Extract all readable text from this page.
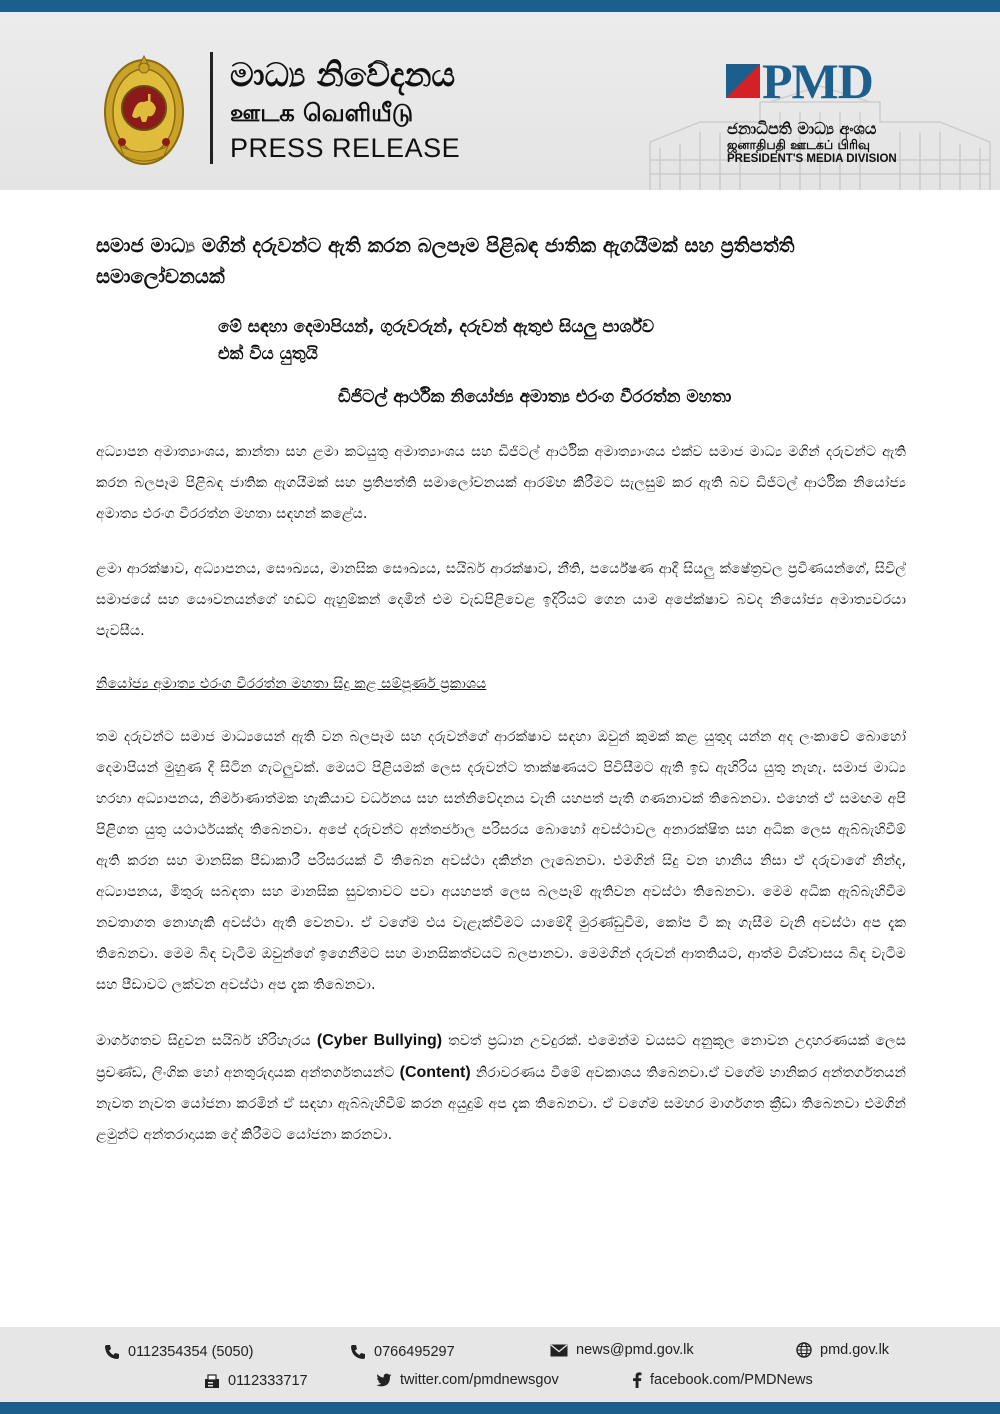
මාධ්‍ය නිවේදනය
ஊடக வெளியீடு
PRESS RELEASE
PMD
ජනාධිපති මාධ්‍ය අංශය
ஜனாதிபதி ஊடகப் பிரிவு
PRESIDENT'S MEDIA DIVISION
සමාජ මාධ්‍ය මගින් දරුවන්ට ඇති කරන බලපෑම පිළිබඳ ජාතික ඇගයීමක් සහ ප්‍රතිපත්ති සමාලෝචනයක්
මේ සඳහා දෙමාපියන්, ගුරුවරුන්, දරුවන් ඇතුළු සියලු පාර්ශ්ව
එක් විය යුතුයි
ඩිජිටල් ආර්ථික නියෝජ්‍ය අමාත්‍ය එරංග වීරරත්න මහතා

අධ්‍යාපන අමාත්‍යාංශය, කාන්තා සහ ළමා කටයුතු අමාත්‍යාංශය සහ ඩිජිටල් ආර්ථික අමාත්‍යාංශය එක්ව සමාජ මාධ්‍ය මගින් දරුවන්ට ඇති කරන බලපෑම පිළිබඳ ජාතික ඇගයීමක් සහ ප්‍රතිපත්ති සමාලෝචනයක් ආරම්භ කිරීමට සැලසුම් කර ඇති බව ඩිජිටල් ආර්ථික නියෝජ්‍ය අමාත්‍ය එරංග වීරරත්න මහතා සඳහන් කළේය.

ළමා ආරක්ෂාව, අධ්‍යාපනය, සෞඛ්‍යය, මානසික සෞඛ්‍යය, සයිබර් ආරක්ෂාව, නීති, පර්යේෂණ ආදී සියලු ක්ෂේත්‍රවල ප්‍රවීණයන්ගේ, සිවිල් සමාජයේ සහ යෞවනයන්ගේ හඬට ඇහුම්කන් දෙමින් එම වැඩපිළිවෙළ ඉදිරියට ගෙන යාම අපේක්ෂාව බවද නියෝජ්‍ය අමාත්‍යවරයා පැවසීය.

නියෝජ්‍ය අමාත්‍ය එරංග වීරරත්න මහතා සිදු කළ සම්පූර්ණ ප්‍රකාශය

තම දරුවන්ට සමාජ මාධ්‍යයෙන් ඇති වන බලපෑම සහ දරුවන්ගේ ආරක්ෂාව සඳහා ඔවුන් කුමක් කළ යුතුද යන්න අද ලංකාවේ බොහෝ දෙමාපියන් මුහුණ දී සිටින ගැටලුවක්. මෙයට පිළියමක් ලෙස දරුවන්ට තාක්ෂණයට පිවිසීමට ඇති ඉඩ ඇහිරිය යුතු නැහැ. සමාජ මාධ්‍ය හරහා අධ්‍යාපනය, නිර්මාණාත්මක හැකියාව වර්ධනය සහ සන්නිවේදනය වැනි යහපත් පැති ගණනාවක් තිබෙනවා. එහෙත් ඒ සමඟම අපි පිළිගත යුතු යථාර්ථයක්ද තිබෙනවා. අපේ දරුවන්ට අන්තර්ජාල පරිසරය බොහෝ අවස්ථාවල අනාරක්ෂිත සහ අධික ලෙස ඇබ්බැහිවීම් ඇති කරන සහ මානසික පීඩාකාරී පරිසරයක් වී තිබෙන අවස්ථා දකින්න ලැබෙනවා. එමගින් සිදු වන හානිය නිසා ඒ දරුවාගේ නින්ද, අධ්‍යාපනය, මිතුරු සබඳතා සහ මානසික සුවතාවට පවා අයහපත් ලෙස බලපෑම් ඇතිවන අවස්ථා තිබෙනවා. මෙම අධික ඇබ්බැහිවීම නවතාගත නොහැකි අවස්ථා ඇති වෙනවා. ඒ වගේම එය වැළැක්වීමට යාමේදී මුරණ්ඩුවීම, කෝප වී කෑ ගැසීම වැනි අවස්ථා අප දැක තිබෙනවා. මෙම බිඳ වැටීම ඔවුන්ගේ ඉගෙනීමට සහ මානසිකත්වයට බලපානවා. මෙමගින් දරුවන් ආතතියට, ආත්ම විශ්වාසය බිඳ වැටීම සහ පීඩාවට ලක්වන අවස්ථා අප දැක තිබෙනවා.

මාර්ගගතව සිදුවන සයිබර් හිරිහැරය (Cyber Bullying) තවත් ප්‍රධාන උවදුරක්. එමෙන්ම වයසට අනුකූල නොවන උදාහරණයක් ලෙස ප්‍රචණ්ඩ, ලිංගික හෝ අනතුරුදායක අන්තර්ගතයන්ට (Content) නිරාවරණය වීමේ අවකාශය තිබෙනවා.ඒ වගේම හානිකර අන්තර්ගතයන් නැවත නැවත යෝජනා කරමින් ඒ සඳහා ඇබ්බැහිවීම් කරන අයුදුම් අප දැක තිබෙනවා. ඒ වගේම සමහර මාර්ගගත ක්‍රීඩා තිබෙනවා එමගින් ළමුන්ට අන්තරාදායක දේ කිරීමට යෝජනා කරනවා.

0112354354 (5050)	0766495297	news@pmd.gov.lk	pmd.gov.lk
0112333717	twitter.com/pmdnewsgov	facebook.com/PMDNews
